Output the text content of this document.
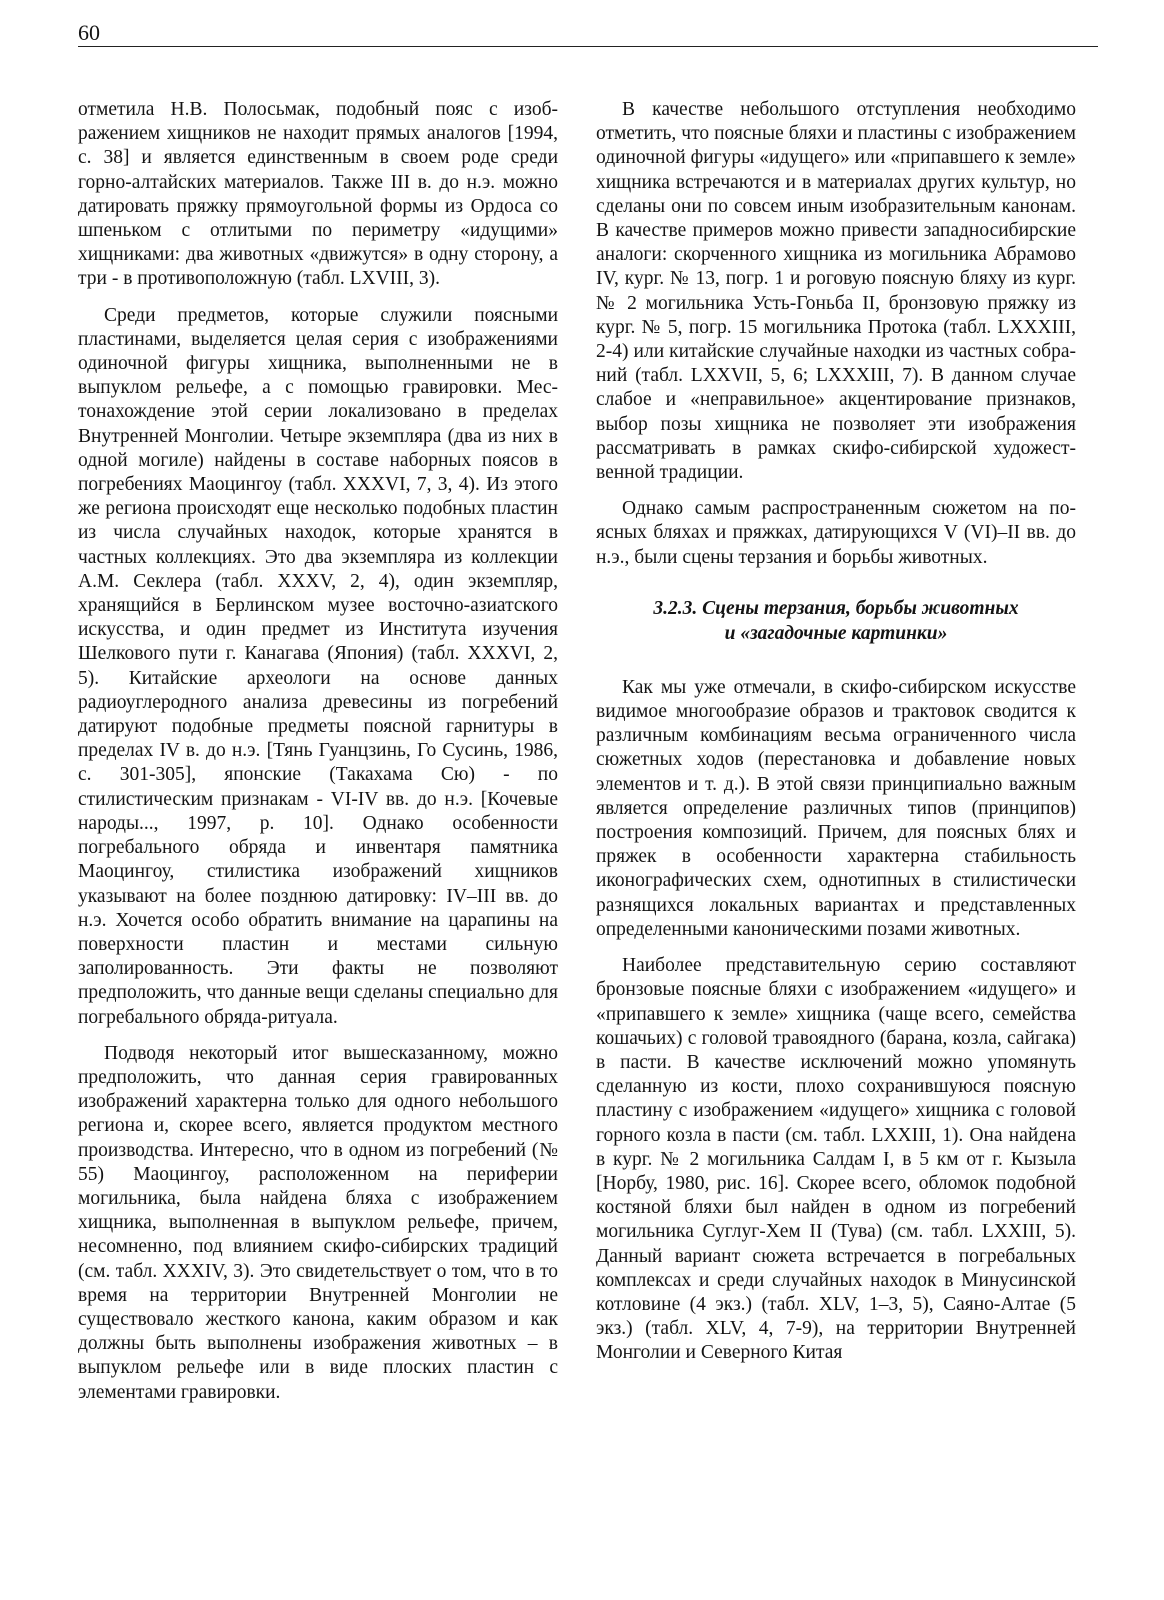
60

отметила Н.В. Полосьмак, подобный пояс с изображением хищников не находит прямых аналогов [1994, с. 38] и является единственным в своем роде среди горно-алтайских материалов. Также III в. до н.э. можно датировать пряжку прямоугольной формы из Ордоса со шпеньком с отлитыми по периметру «идущими» хищниками: два животных «движутся» в одну сторону, а три - в противоположную (табл. LXVIII, 3).

Среди предметов, которые служили поясными пластинами, выделяется целая серия с изображениями одиночной фигуры хищника, выполненными не в выпуклом рельефе, а с помощью гравировки. Местонахождение этой серии локализовано в пределах Внутренней Монголии. Четыре экземпляра (два из них в одной могиле) найдены в составе наборных поясов в погребениях Маоцингоу (табл. XXXVI, 7, 3, 4). Из этого же региона происходят еще несколько подобных пластин из числа случайных находок, которые хранятся в частных коллекциях. Это два экземпляра из коллекции А.М. Секлера (табл. XXXV, 2, 4), один экземпляр, хранящийся в Берлинском музее восточно-азиатского искусства, и один предмет из Института изучения Шелкового пути г. Канагава (Япония) (табл. XXXVI, 2, 5). Китайские археологи на основе данных радиоуглеродного анализа древесины из погребений датируют подобные предметы поясной гарнитуры в пределах IV в. до н.э. [Тянь Гуанцзинь, Го Сусинь, 1986, с. 301-305], японские (Такахама Сю) - по стилистическим признакам - VI-IV вв. до н.э. [Кочевые народы..., 1997, р. 10]. Однако особенности погребального обряда и инвентаря памятника Маоцингоу, стилистика изображений хищников указывают на более позднюю датировку: IV–III вв. до н.э. Хочется особо обратить внимание на царапины на поверхности пластин и местами сильную заполированность. Эти факты не позволяют предположить, что данные вещи сделаны специально для погребального обряда-ритуала.

Подводя некоторый итог вышесказанному, можно предположить, что данная серия гравированных изображений характерна только для одного небольшого региона и, скорее всего, является продуктом местного производства. Интересно, что в одном из погребений (№ 55) Маоцингоу, расположенном на периферии могильника, была найдена бляха с изображением хищника, выполненная в выпуклом рельефе, причем, несомненно, под влиянием скифо-сибирских традиций (см. табл. XXXIV, 3). Это свидетельствует о том, что в то время на территории Внутренней Монголии не существовало жесткого канона, каким образом и как должны быть выполнены изображения животных – в выпуклом рельефе или в виде плоских пластин с элементами гравировки.

В качестве небольшого отступления необходимо отметить, что поясные бляхи и пластины с изображением одиночной фигуры «идущего» или «припавшего к земле» хищника встречаются и в материалах других культур, но сделаны они по совсем иным изобразительным канонам. В качестве примеров можно привести западносибирские аналоги: скорченного хищника из могильника Абрамово IV, кург. № 13, погр. 1 и роговую поясную бляху из кург. № 2 могильника Усть-Гоньба II, бронзовую пряжку из кург. № 5, погр. 15 могильника Протока (табл. LXXXIII, 2-4) или китайские случайные находки из частных собраний (табл. LXXVII, 5, 6; LXXXIII, 7). В данном случае слабое и «неправильное» акцентирование признаков, выбор позы хищника не позволяет эти изображения рассматривать в рамках скифо-сибирской художественной традиции.

Однако самым распространенным сюжетом на поясных бляхах и пряжках, датирующихся V (VI)–II вв. до н.э., были сцены терзания и борьбы животных.

3.2.3. Сцены терзания, борьбы животных
и «загадочные картинки»

Как мы уже отмечали, в скифо-сибирском искусстве видимое многообразие образов и трактовок сводится к различным комбинациям весьма ограниченного числа сюжетных ходов (перестановка и добавление новых элементов и т. д.). В этой связи принципиально важным является определение различных типов (принципов) построения композиций. Причем, для поясных блях и пряжек в особенности характерна стабильность иконографических схем, однотипных в стилистически разнящихся локальных вариантах и представленных определенными каноническими позами животных.

Наиболее представительную серию составляют бронзовые поясные бляхи с изображением «идущего» и «припавшего к земле» хищника (чаще всего, семейства кошачьих) с головой травоядного (барана, козла, сайгака) в пасти. В качестве исключений можно упомянуть сделанную из кости, плохо сохранившуюся поясную пластину с изображением «идущего» хищника с головой горного козла в пасти (см. табл. LXXIII, 1). Она найдена в кург. № 2 могильника Салдам I, в 5 км от г. Кызыла [Норбу, 1980, рис. 16]. Скорее всего, обломок подобной костяной бляхи был найден в одном из погребений могильника Суглуг-Хем II (Тува) (см. табл. LXXIII, 5). Данный вариант сюжета встречается в погребальных комплексах и среди случайных находок в Минусинской котловине (4 экз.) (табл. XLV, 1–3, 5), Саяно-Алтае (5 экз.) (табл. XLV, 4, 7-9), на территории Внутренней Монголии и Северного Китая
